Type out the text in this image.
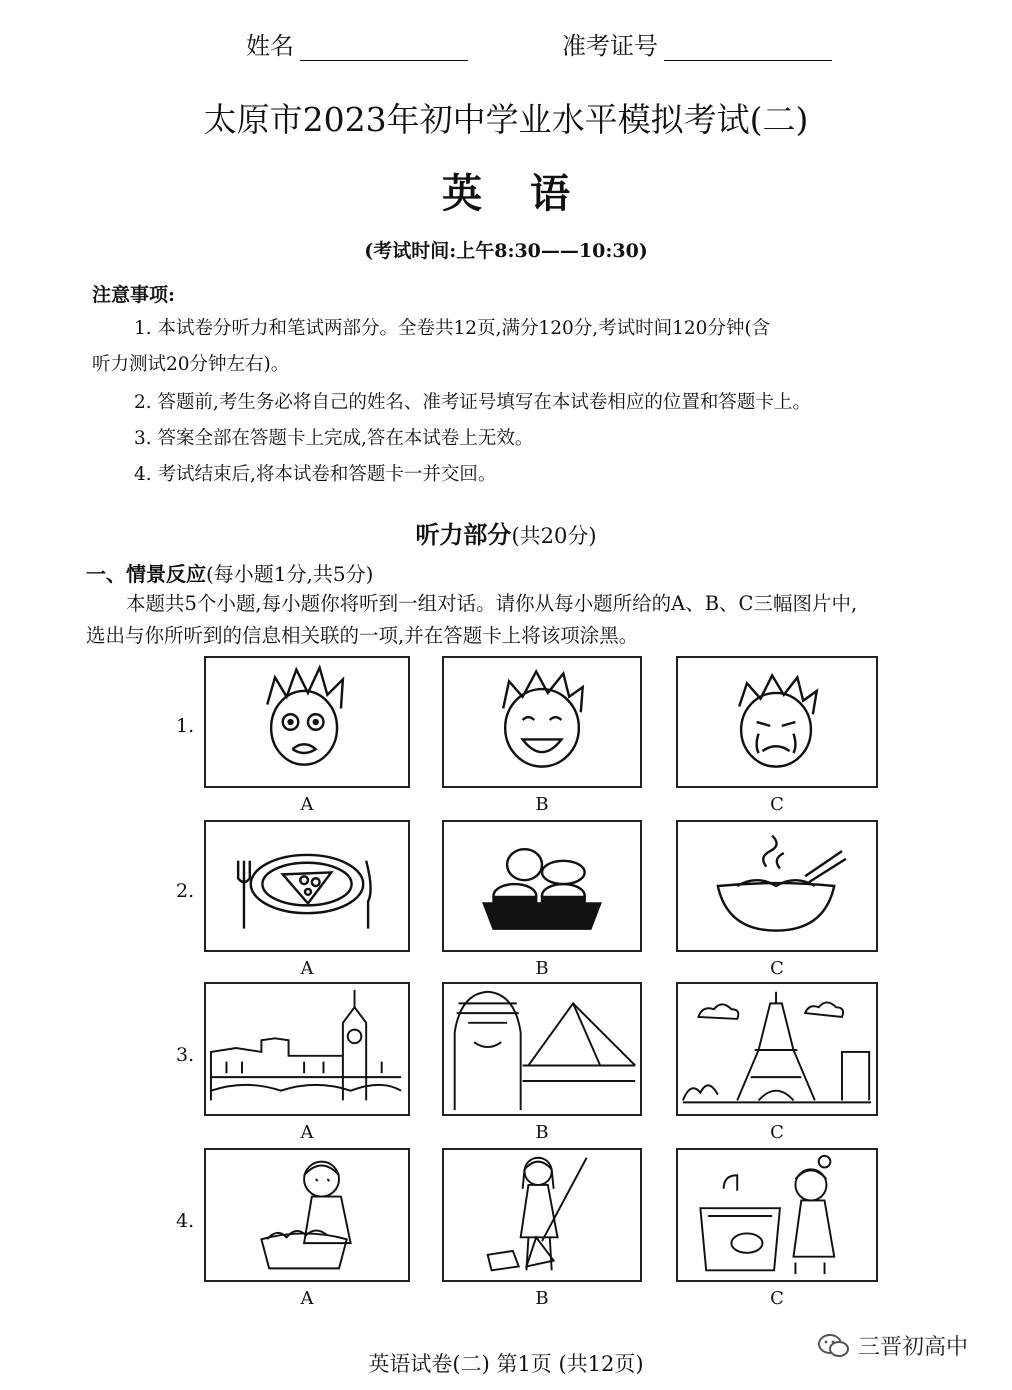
姓名	准考证号
太原市2023年初中学业水平模拟考试(二)
英语
(考试时间:上午8:30——10:30)
注意事项:
1. 本试卷分听力和笔试两部分。全卷共12页,满分120分,考试时间120分钟(含
听力测试20分钟左右)。
2. 答题前,考生务必将自己的姓名、准考证号填写在本试卷相应的位置和答题卡上。
3. 答案全部在答题卡上完成,答在本试卷上无效。
4. 考试结束后,将本试卷和答题卡一并交回。
听力部分(共20分)
一、情景反应(每小题1分,共5分)
本题共5个小题,每小题你将听到一组对话。请你从每小题所给的A、B、C三幅图片中,
选出与你所听到的信息相关联的一项,并在答题卡上将该项涂黑。
1.
A	B	C
2.
A	B	C
3.
A	B	C
4.
A	B	C
英语试卷(二) 第1页 (共12页)
三晋初高中
